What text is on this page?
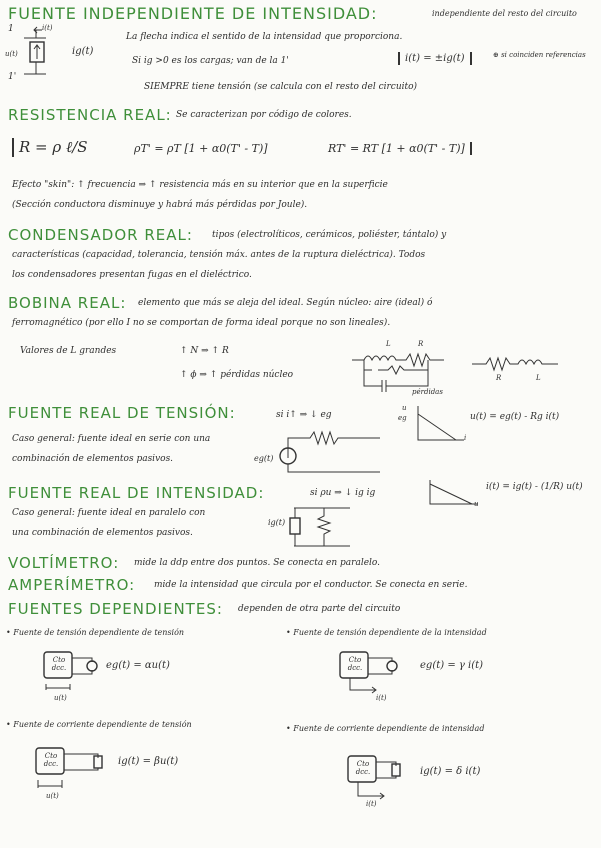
FUENTE INDEPENDIENTE DE INTENSIDAD:	independiente del resto del circuito
1
1'
i(t)
u(t)	ig(t)
La flecha indica el sentido de la intensidad que proporciona.
Si ig >0 es los cargas; van de la 1'	i(t) = ±ig(t)	⊕ si coinciden referencias
SIEMPRE tiene tensión (se calcula con el resto del circuito)
RESISTENCIA REAL: Se caracterizan por código de colores.
R = ρ ℓ/S	ρT' = ρT [1 + α0(T' - T)]	RT' = RT [1 + α0(T' - T)]
Efecto "skin": ↑ frecuencia ⇒ ↑ resistencia más en su interior que en la superficie
(Sección conductora disminuye y habrá más pérdidas por Joule).
CONDENSADOR REAL: tipos (electrolíticos, cerámicos, poliéster, tántalo) y
características (capacidad, tolerancia, tensión máx. antes de la ruptura dieléctrica). Todos
los condensadores presentan fugas en el dieléctrico.
BOBINA REAL: elemento que más se aleja del ideal. Según núcleo: aire (ideal) ó
ferromagnético (por ello I no se comportan de forma ideal porque no son lineales).
Valores de L grandes	↑ N ⇒ ↑ R
↑ ϕ ⇒ ↑ pérdidas núcleo
L	R
pérdidas
R	L
FUENTE REAL DE TENSIÓN:	si i↑ ⇒ ↓ eg	u(t) = eg(t) - Rg i(t)
Caso general: fuente ideal en serie con una
combinación de elementos pasivos.	eg(t)
u
eg
i
FUENTE REAL DE INTENSIDAD:	si ρu ⇒ ↓ ig ig
i(t) = ig(t) - (1/R) u(t)
Caso general: fuente ideal en paralelo con
una combinación de elementos pasivos.
ig(t)
u
VOLTÍMETRO: mide la ddp entre dos puntos. Se conecta en paralelo.
AMPERÍMETRO: mide la intensidad que circula por el conductor. Se conecta en serie.
FUENTES DEPENDIENTES: dependen de otra parte del circuito
• Fuente de tensión dependiente de tensión	• Fuente de tensión dependiente de la intensidad
Cto dcc.
u(t)
eg(t) = αu(t)	Cto dcc.
i(t)
eg(t) = γ i(t)
• Fuente de corriente dependiente de tensión	• Fuente de corriente dependiente de intensidad
Cto dcc.
u(t)
ig(t) = βu(t)	Cto dcc.
i(t)
ig(t) = δ i(t)
